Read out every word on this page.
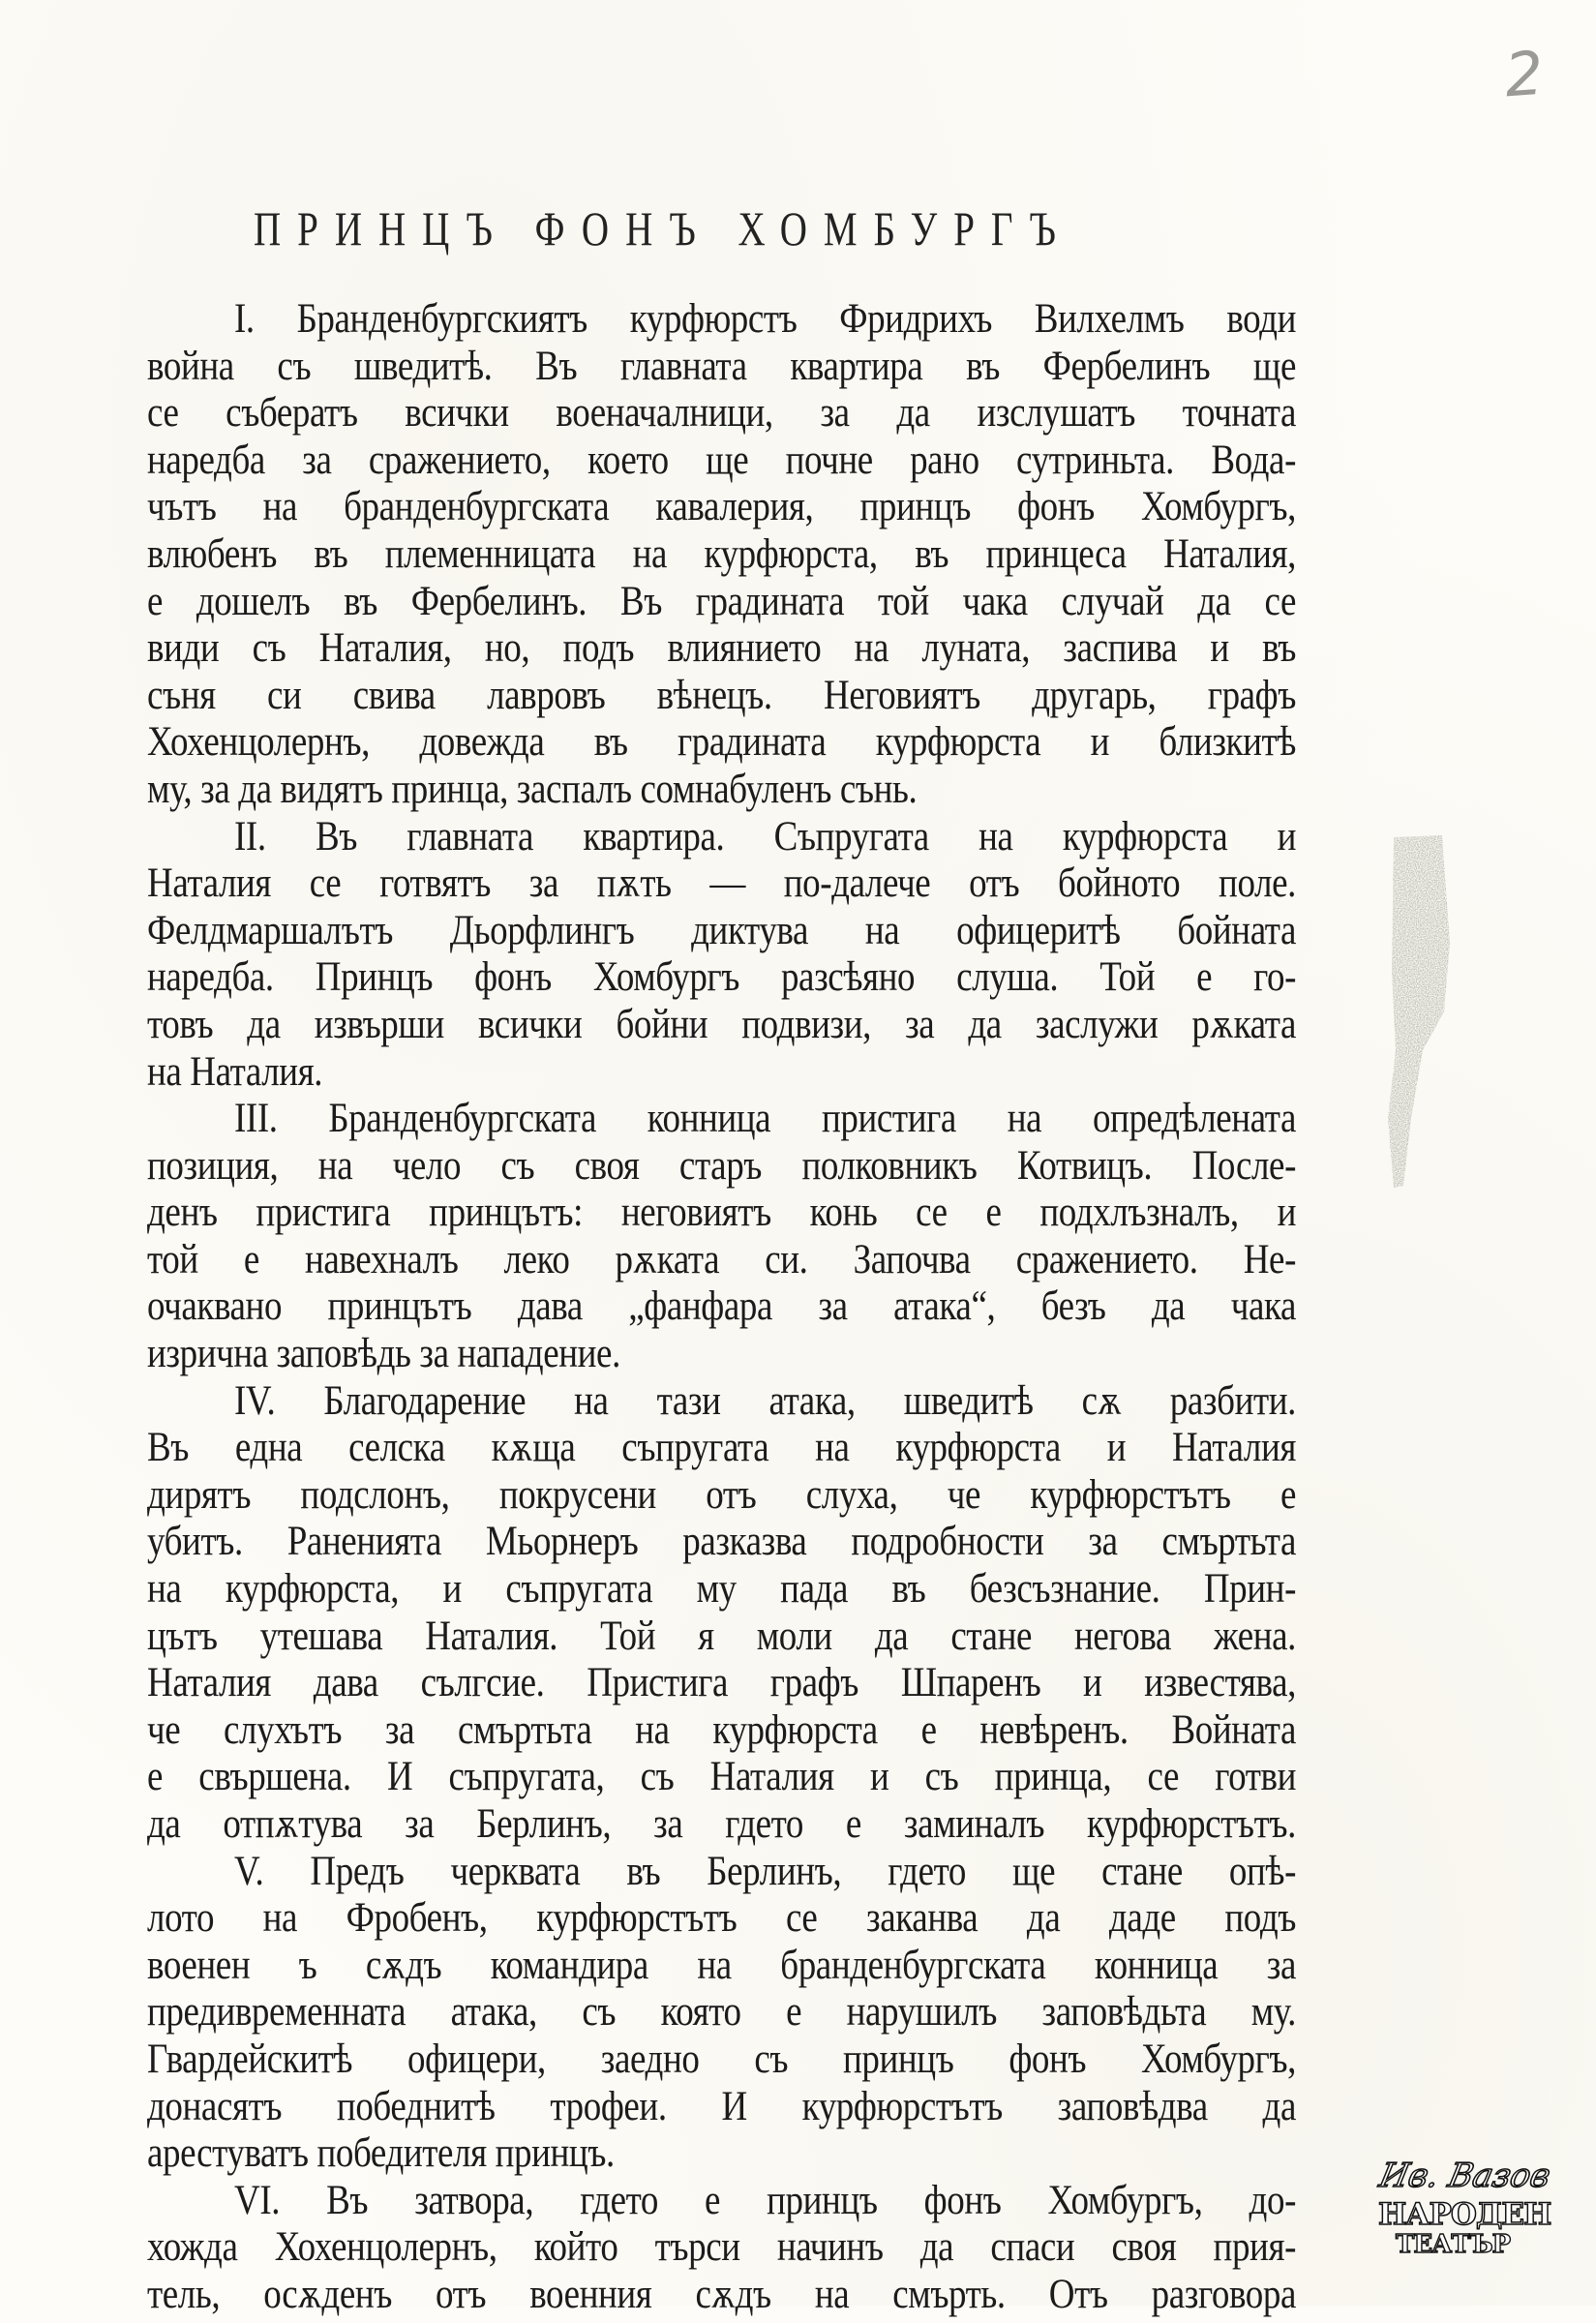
2
ПРИНЦЪ ФОНЪ ХОМБУРГЪ
I. Бранденбургскиятъ курфюрстъ Фридрихъ Вилхелмъ води
война съ шведитѣ. Въ главната квартира въ Фербелинъ ще
се събератъ всички военачалници, за да изслушатъ точната
наредба за сражението, което ще почне рано сутриньта. Вода-
чътъ на бранденбургската кавалерия, принцъ фонъ Хомбургъ,
влюбенъ въ племенницата на курфюрста, въ принцеса Наталия,
е дошелъ въ Фербелинъ. Въ градината той чака случай да се
види съ Наталия, но, подъ влиянието на луната, заспива и въ
съня си свива лавровъ вѣнецъ. Неговиятъ другарь, графъ
Хохенцолернъ, довежда въ градината курфюрста и близкитѣ
му, за да видятъ принца, заспалъ сомнабуленъ сънь.
II. Въ главната квартира. Съпругата на курфюрста и
Наталия се готвятъ за пѫть — по-далече отъ бойното поле.
Фелдмаршалътъ Дьорфлингъ диктува на офицеритѣ бойната
наредба. Принцъ фонъ Хомбургъ разсѣяно слуша. Той е го-
товъ да извърши всички бойни подвизи, за да заслужи рѫката
на Наталия.
III. Бранденбургската конница пристига на опредѣлената
позиция, на чело съ своя старъ полковникъ Котвицъ. После-
денъ пристига принцътъ: неговиятъ конь се е подхлъзналъ, и
той е навехналъ леко рѫката си. Започва сражението. Не-
очаквано принцътъ дава „фанфара за атака“, безъ да чака
изрична заповѣдь за нападение.
IV. Благодарение на тази атака, шведитѣ сѫ разбити.
Въ една селска кѫща съпругата на курфюрста и Наталия
дирятъ подслонъ, покрусени отъ слуха, че курфюрстътъ е
убитъ. Раненията Мьорнеръ разказва подробности за смъртьта
на курфюрста, и съпругата му пада въ безсъзнание. Прин-
цътъ утешава Наталия. Той я моли да стане негова жена.
Наталия дава сългсие. Пристига графъ Шпаренъ и известява,
че слухътъ за смъртьта на курфюрста е невѣренъ. Войната
е свършена. И съпругата, съ Наталия и съ принца, се готви
да отпѫтува за Берлинъ, за гдето е заминалъ курфюрстътъ.
V. Предъ черквата въ Берлинъ, гдето ще стане опѣ-
лото на Фробенъ, курфюрстътъ се заканва да даде подъ
военен ъ сѫдъ командира на бранденбургската конница за
предивременната атака, съ която е нарушилъ заповѣдьта му.
Гвардейскитѣ офицери, заедно съ принцъ фонъ Хомбургъ,
донасятъ победнитѣ трофеи. И курфюрстътъ заповѣдва да
арестуватъ победителя принцъ.
VI. Въ затвора, гдето е принцъ фонъ Хомбургъ, до-
хожда Хохенцолернъ, който търси начинъ да спаси своя прия-
тель, осѫденъ отъ военния сѫдъ на смърть. Отъ разговора
Ив. Вазов
НАРОДЕН
ТЕАТЪР
